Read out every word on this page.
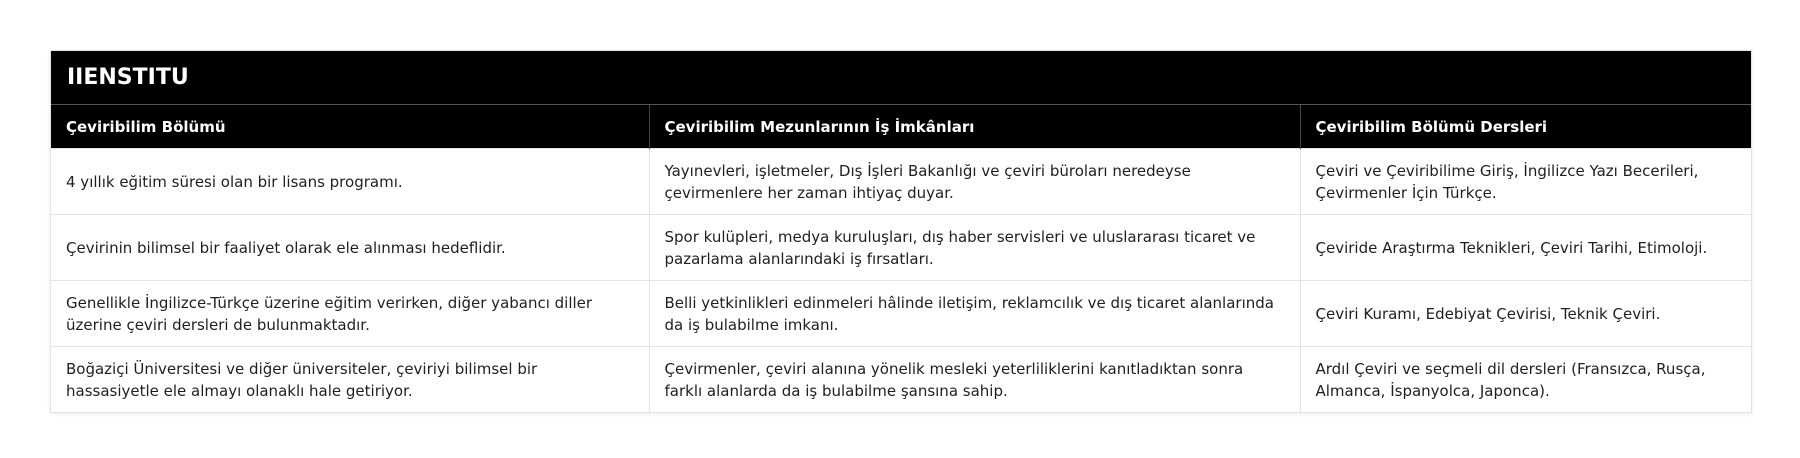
IIENSTITU
Çeviribilim Bölümü	Çeviribilim Mezunlarının İş İmkânları	Çeviribilim Bölümü Dersleri
4 yıllık eğitim süresi olan bir lisans programı.	Yayınevleri, işletmeler, Dış İşleri Bakanlığı ve çeviri büroları neredeyse çevirmenlere her zaman ihtiyaç duyar.	Çeviri ve Çeviribilime Giriş, İngilizce Yazı Becerileri, Çevirmenler İçin Türkçe.
Çevirinin bilimsel bir faaliyet olarak ele alınması hedeflidir.	Spor kulüpleri, medya kuruluşları, dış haber servisleri ve uluslararası ticaret ve pazarlama alanlarındaki iş fırsatları.	Çeviride Araştırma Teknikleri, Çeviri Tarihi, Etimoloji.
Genellikle İngilizce-Türkçe üzerine eğitim verirken, diğer yabancı diller üzerine çeviri dersleri de bulunmaktadır.	Belli yetkinlikleri edinmeleri hâlinde iletişim, reklamcılık ve dış ticaret alanlarında da iş bulabilme imkanı.	Çeviri Kuramı, Edebiyat Çevirisi, Teknik Çeviri.
Boğaziçi Üniversitesi ve diğer üniversiteler, çeviriyi bilimsel bir hassasiyetle ele almayı olanaklı hale getiriyor.	Çevirmenler, çeviri alanına yönelik mesleki yeterliliklerini kanıtladıktan sonra farklı alanlarda da iş bulabilme şansına sahip.	Ardıl Çeviri ve seçmeli dil dersleri (Fransızca, Rusça, Almanca, İspanyolca, Japonca).
